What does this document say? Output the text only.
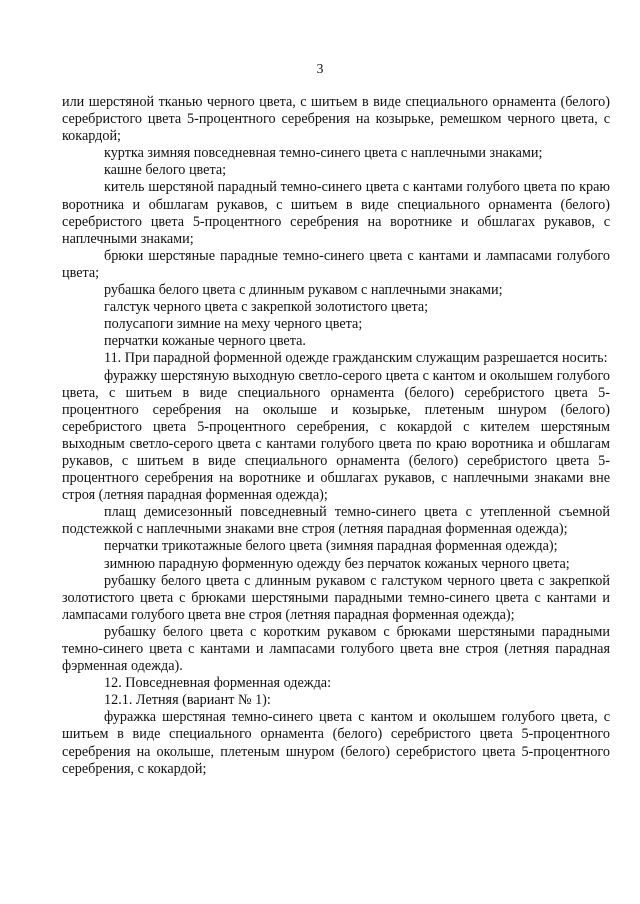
3

или шерстяной тканью черного цвета, с шитьем в виде специального орнамента (белого) серебристого цвета 5-процентного серебрения на козырьке, ремешком черного цвета, с кокардой;

куртка зимняя повседневная темно-синего цвета с наплечными знаками;

кашне белого цвета;

китель шерстяной парадный темно-синего цвета с кантами голубого цвета по краю воротника и обшлагам рукавов, с шитьем в виде специального орнамента (белого) серебристого цвета 5-процентного серебрения на воротнике и обшлагах рукавов, с наплечными знаками;

брюки шерстяные парадные темно-синего цвета с кантами и лампасами голубого цвета;

рубашка белого цвета с длинным рукавом с наплечными знаками;

галстук черного цвета с закрепкой золотистого цвета;

полусапоги зимние на меху черного цвета;

перчатки кожаные черного цвета.

11. При парадной форменной одежде гражданским служащим разрешается носить:

фуражку шерстяную выходную светло-серого цвета с кантом и околышем голубого цвета, с шитьем в виде специального орнамента (белого) серебристого цвета 5-процентного серебрения на околыше и козырьке, плетеным шнуром (белого) серебристого цвета 5-процентного серебрения, с кокардой с кителем шерстяным выходным светло-серого цвета с кантами голубого цвета по краю воротника и обшлагам рукавов, с шитьем в виде специального орнамента (белого) серебристого цвета 5-процентного серебрения на воротнике и обшлагах рукавов, с наплечными знаками вне строя (летняя парадная форменная одежда);

плащ демисезонный повседневный темно-синего цвета с утепленной съемной подстежкой с наплечными знаками вне строя (летняя парадная форменная одежда);

перчатки трикотажные белого цвета (зимняя парадная форменная одежда);

зимнюю парадную форменную одежду без перчаток кожаных черного цвета;

рубашку белого цвета с длинным рукавом с галстуком черного цвета с закрепкой золотистого цвета с брюками шерстяными парадными темно-синего цвета с кантами и лампасами голубого цвета вне строя (летняя парадная форменная одежда);

рубашку белого цвета с коротким рукавом с брюками шерстяными парадными темно-синего цвета с кантами и лампасами голубого цвета вне строя (летняя парадная фэрменная одежда).

12. Повседневная форменная одежда:

12.1. Летняя (вариант № 1):

фуражка шерстяная темно-синего цвета с кантом и околышем голубого цвета, с шитьем в виде специального орнамента (белого) серебристого цвета 5-процентного серебрения на околыше, плетеным шнуром (белого) серебристого цвета 5-процентного серебрения, с кокардой;
